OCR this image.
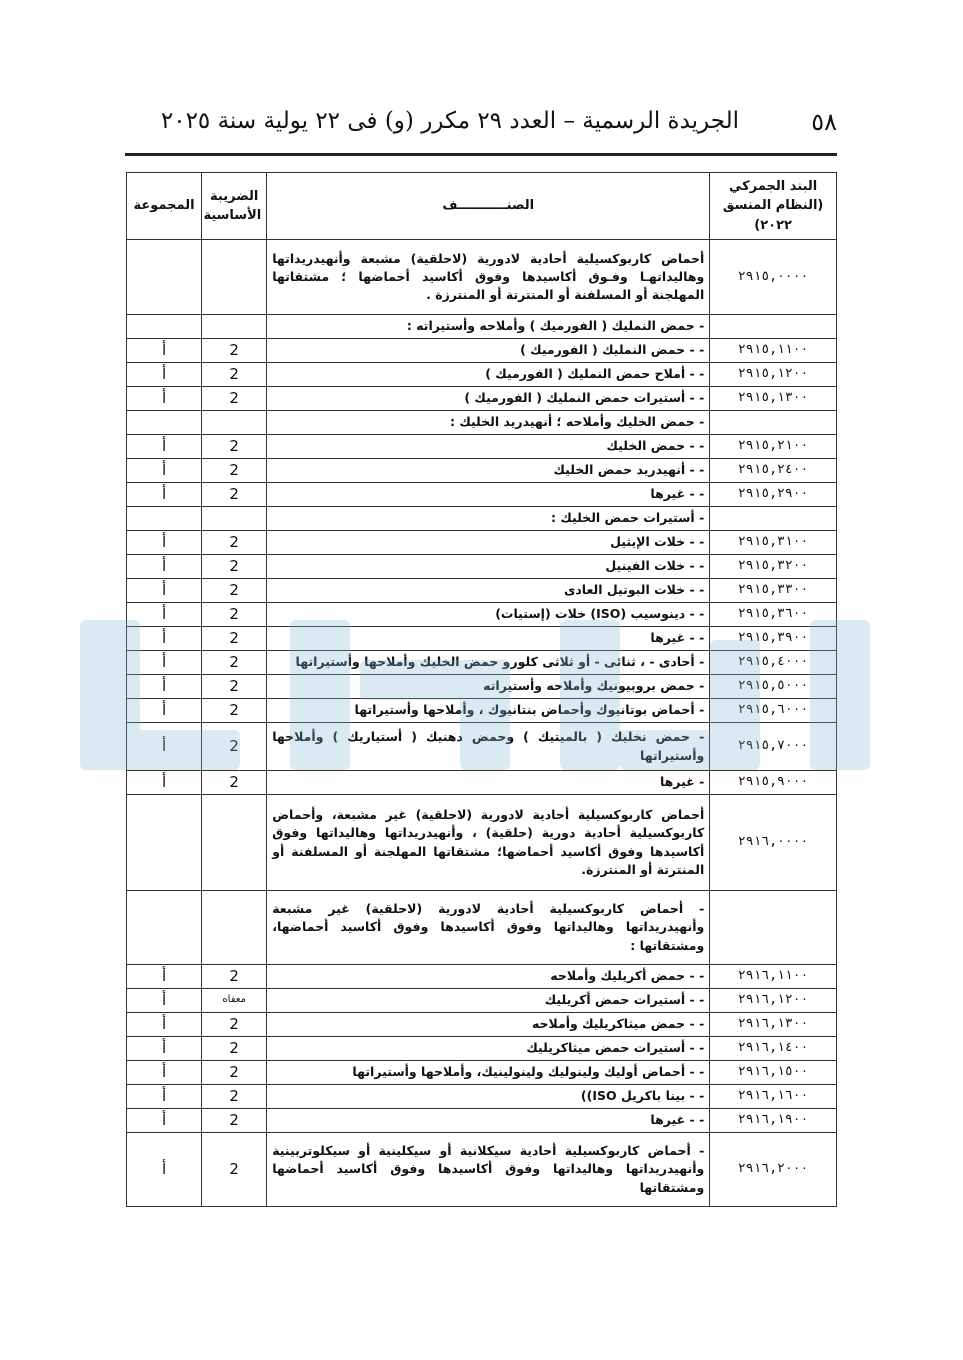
٥٨
الجريدة الرسمية – العدد ٢٩ مكرر (و) فى ٢٢ يولية سنة ٢٠٢٥
البند الجمركي (النظام المنسق ٢٠٢٢)	الصنـــــــــــف	الضريبة الأساسية	المجموعة
٢٩١٥,٠٠٠٠	أحماض كاربوكسيلية أحادية لادورية (لاحلقية) مشبعة وأنهيدريداتها وهاليداتهـا وفـوق أكاسيدها وفوق أكاسيد أحماضها ؛ مشتقاتها المهلجنة أو المسلفنة أو المنترتة أو المنترزة .		
	- حمض النمليك ( الفورميك ) وأملاحه وأستيراته :		
٢٩١٥,١١٠٠	- - حمض النمليك ( الفورميك )	2	أ
٢٩١٥,١٢٠٠	- - أملاح حمض النمليك ( الفورميك )	2	أ
٢٩١٥,١٣٠٠	- - أستيرات حمض النمليك ( الفورميك )	2	أ
	- حمض الخليك وأملاحه ؛ أنهيدريد الخليك :		
٢٩١٥,٢١٠٠	- - حمض الخليك	2	أ
٢٩١٥,٢٤٠٠	- - أنهيدريد حمض الخليك	2	أ
٢٩١٥,٢٩٠٠	- - غيرها	2	أ
	- أستيرات حمض الخليك :		
٢٩١٥,٣١٠٠	- - خلات الإيثيل	2	أ
٢٩١٥,٣٢٠٠	- - خلات الفينيل	2	أ
٢٩١٥,٣٣٠٠	- - خلات البوتيل العادى	2	أ
٢٩١٥,٣٦٠٠	- - دينوسيب (ISO) خلات (إستيات)	2	أ
٢٩١٥,٣٩٠٠	- - غيرها	2	أ
٢٩١٥,٤٠٠٠	- أحادى - ، ثنائى - أو ثلاثى كلورو حمض الخليك وأملاحها وأستيراتها	2	أ
٢٩١٥,٥٠٠٠	- حمض بروبيونيك وأملاحه وأستيراته	2	أ
٢٩١٥,٦٠٠٠	- أحماض بوتانيوك وأحماض بنتانيوك ، وأملاحها وأستيراتها	2	أ
٢٩١٥,٧٠٠٠	- حمض نخليك ( بالميتيك ) وحمض دهنيك ( أستياريك ) وأملاحها وأستيراتها	2	أ
٢٩١٥,٩٠٠٠	- غيرها	2	أ
٢٩١٦,٠٠٠٠	أحماض كاربوكسيلية أحادية لادورية (لاحلقية) غير مشبعة، وأحماض كاربوكسيلية أحادية دورية (حلقية) ، وأنهيدريداتها وهاليداتها وفوق أكاسيدها وفوق أكاسيد أحماضها؛ مشتقاتها المهلجنة أو المسلفنة أو المنترتة أو المنترزة.		
	- أحماض كاربوكسيلية أحادية لادورية (لاحلقية) غير مشبعة وأنهيدريداتها وهاليداتها وفوق أكاسيدها وفوق أكاسيد أحماضها، ومشتقاتها :		
٢٩١٦,١١٠٠	- - حمض أكريليك وأملاحه	2	أ
٢٩١٦,١٢٠٠	- - أستيرات حمض أكريليك	معفاه	أ
٢٩١٦,١٣٠٠	- - حمض ميثاكريليك وأملاحه	2	أ
٢٩١٦,١٤٠٠	- - أستيرات حمض ميثاكريليك	2	أ
٢٩١٦,١٥٠٠	- - أحماض أوليك ولينوليك ولينولينيك، وأملاحها وأستيراتها	2	أ
٢٩١٦,١٦٠٠	- - بينا باكريل ISO))	2	أ
٢٩١٦,١٩٠٠	- - غيرها	2	أ
٢٩١٦,٢٠٠٠	- أحماض كاربوكسيلية أحادية سيكلانية أو سيكلينية أو سيكلوتربينية وأنهيدريداتها وهاليداتها وفوق أكاسيدها وفوق أكاسيد أحماضها ومشتقاتها	2	أ
